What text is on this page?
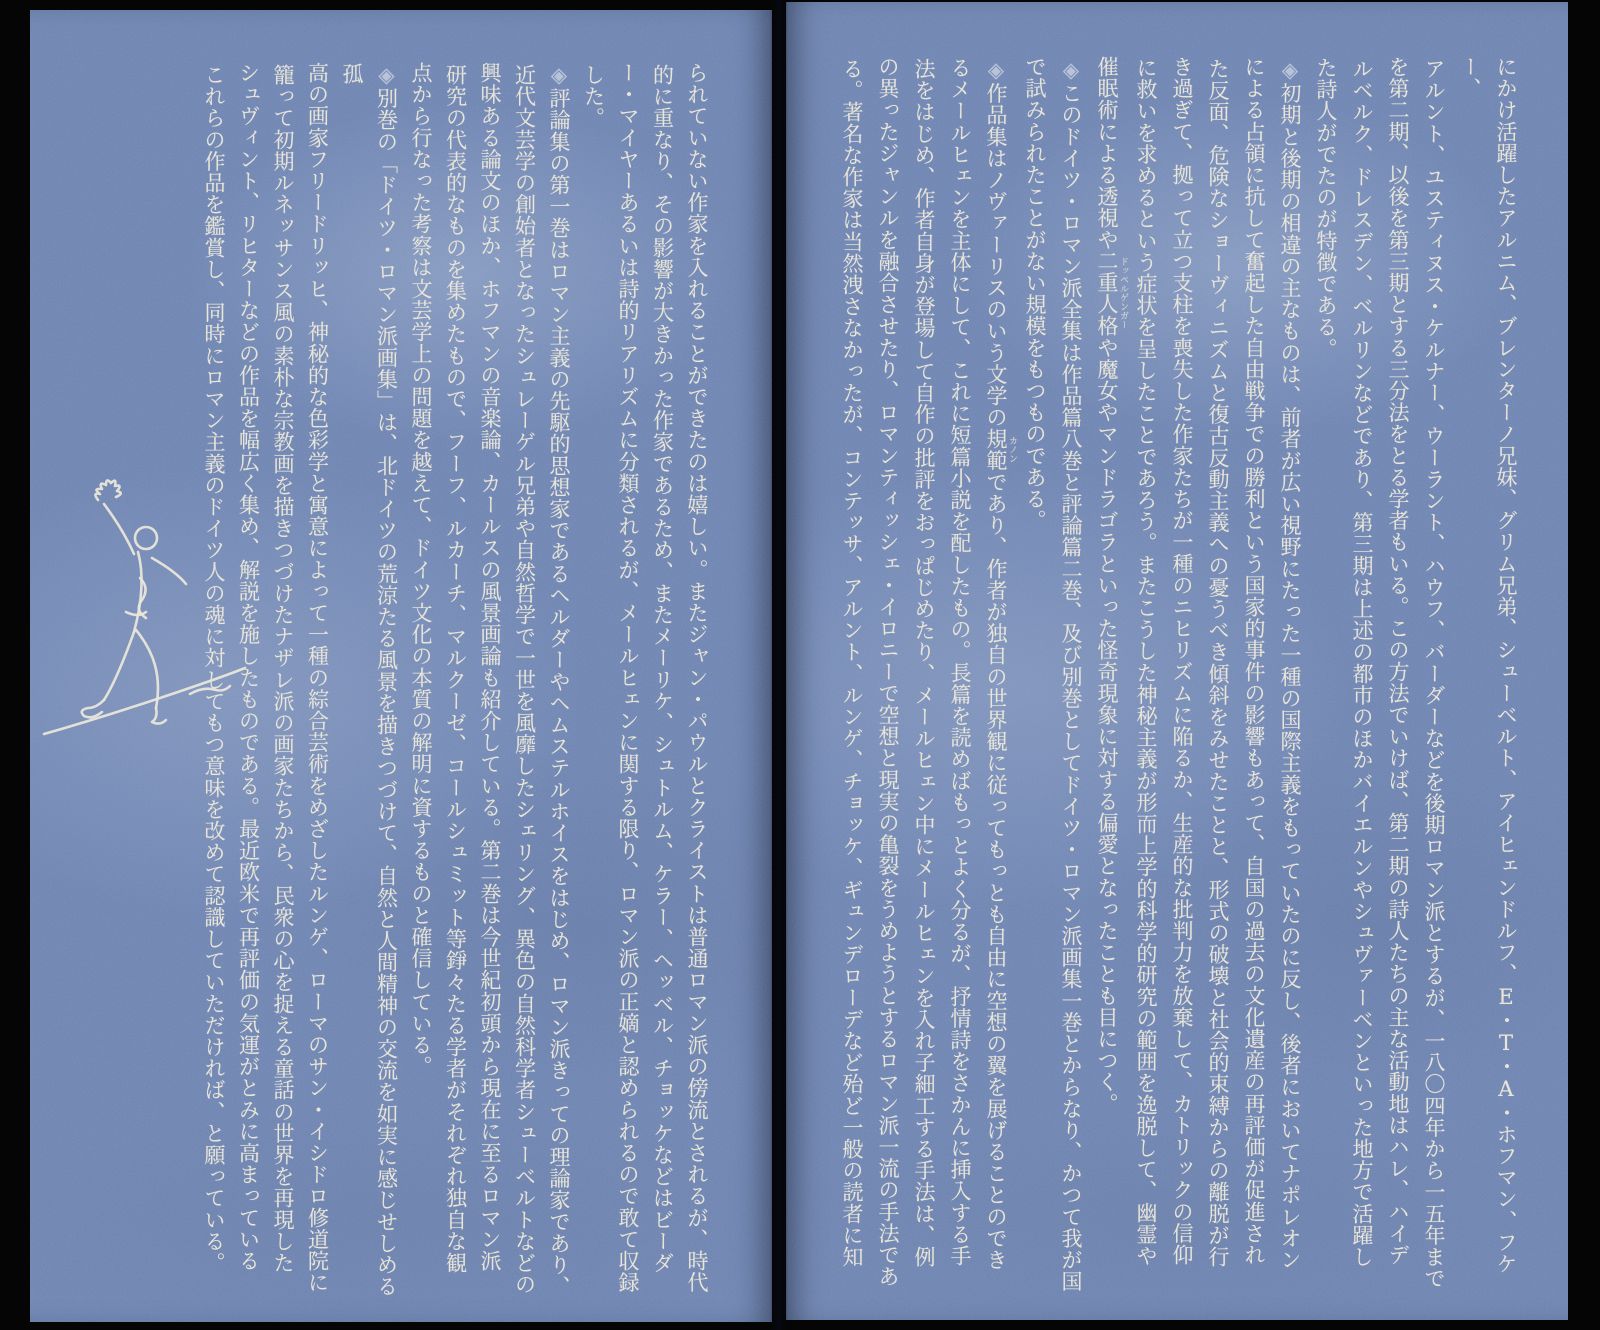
にかけ活躍したアルニム、ブレンターノ兄妹、グリム兄弟、シューベルト、アイヒェンドルフ、E・T・A・ホフマン、フケー、
アルント、ユスティヌス・ケルナー、ウーラント、ハウフ、バーダーなどを後期ロマン派とするが、一八〇四年から一五年まで
を第二期、以後を第三期とする三分法をとる学者もいる。この方法でいけば、第二期の詩人たちの主な活動地はハレ、ハイデ
ルベルク、ドレスデン、ベルリンなどであり、第三期は上述の都市のほかバイエルンやシュヴァーベンといった地方で活躍し
た詩人がでたのが特徴である。
◈初期と後期の相違の主なものは、前者が広い視野にたった一種の国際主義をもっていたのに反し、後者においてナポレオン
による占領に抗して奮起した自由戦争での勝利という国家的事件の影響もあって、自国の過去の文化遺産の再評価が促進され
た反面、危険なショーヴィニズムと復古反動主義への憂うべき傾斜をみせたことと、形式の破壊と社会的束縛からの離脱が行
き過ぎて、拠って立つ支柱を喪失した作家たちが一種のニヒリズムに陥るか、生産的な批判力を放棄して、カトリックの信仰
に救いを求めるという症状を呈したことであろう。またこうした神秘主義が形而上学的科学的研究の範囲を逸脱して、幽霊や
催眠術による透視や二重人格 ドッペルゲンガーや魔女やマンドラゴラといった怪奇現象に対する偏愛となったことも目につく。
◈このドイツ・ロマン派全集は作品篇八巻と評論篇二巻、及び別巻としてドイツ・ロマン派画集一巻とからなり、かつて我が国
で試みられたことがない規模をもつものである。
◈作品集はノヴァーリスのいう文学の規範 カノンであり、作者が独自の世界観に従ってもっとも自由に空想の翼を展げることのでき
るメールヒェンを主体にして、これに短篇小説を配したもの。長篇を読めばもっとよく分るが、抒情詩をさかんに挿入する手
法をはじめ、作者自身が登場して自作の批評をおっぱじめたり、メールヒェン中にメールヒェンを入れ子細工する手法は、例
の異ったジャンルを融合させたり、ロマンティッシェ・イロニーで空想と現実の亀裂をうめようとするロマン派一流の手法であ
る。著名な作家は当然洩さなかったが、コンテッサ、アルント、ルンゲ、チョッケ、ギュンデローデなど殆ど一般の読者に知
られていない作家を入れることができたのは嬉しい。またジャン・パウルとクライストは普通ロマン派の傍流とされるが、時代
的に重なり、その影響が大きかった作家であるため、またメーリケ、シュトルム、ケラー、ヘッベル、チョッケなどはビーダ
ー・マイヤーあるいは詩的リアリズムに分類されるが、メールヒェンに関する限り、ロマン派の正嫡と認められるので敢て収録
した。
◈評論集の第一巻はロマン主義の先駆的思想家であるヘルダーやヘムステルホイスをはじめ、ロマン派きっての理論家であり、
近代文芸学の創始者となったシュレーゲル兄弟や自然哲学で一世を風靡したシェリング、異色の自然科学者シューベルトなどの
興味ある論文のほか、ホフマンの音楽論、カールスの風景画論も紹介している。第二巻は今世紀初頭から現在に至るロマン派
研究の代表的なものを集めたもので、フーフ、ルカーチ、マルクーゼ、コールシュミット等錚々たる学者がそれぞれ独自な観
点から行なった考察は文芸学上の問題を越えて、ドイツ文化の本質の解明に資するものと確信している。
◈別巻の「ドイツ・ロマン派画集」は、北ドイツの荒涼たる風景を描きつづけて、自然と人間精神の交流を如実に感じせしめる孤
高の画家フリードリッヒ、神秘的な色彩学と寓意によって一種の綜合芸術をめざしたルンゲ、ローマのサン・イシドロ修道院に
籠って初期ルネッサンス風の素朴な宗教画を描きつづけたナザレ派の画家たちから、民衆の心を捉える童話の世界を再現した
シュヴィント、リヒターなどの作品を幅広く集め、解説を施したものである。最近欧米で再評価の気運がとみに高まっている
これらの作品を鑑賞し、同時にロマン主義のドイツ人の魂に対してもつ意味を改めて認識していただければ、と願っている。
